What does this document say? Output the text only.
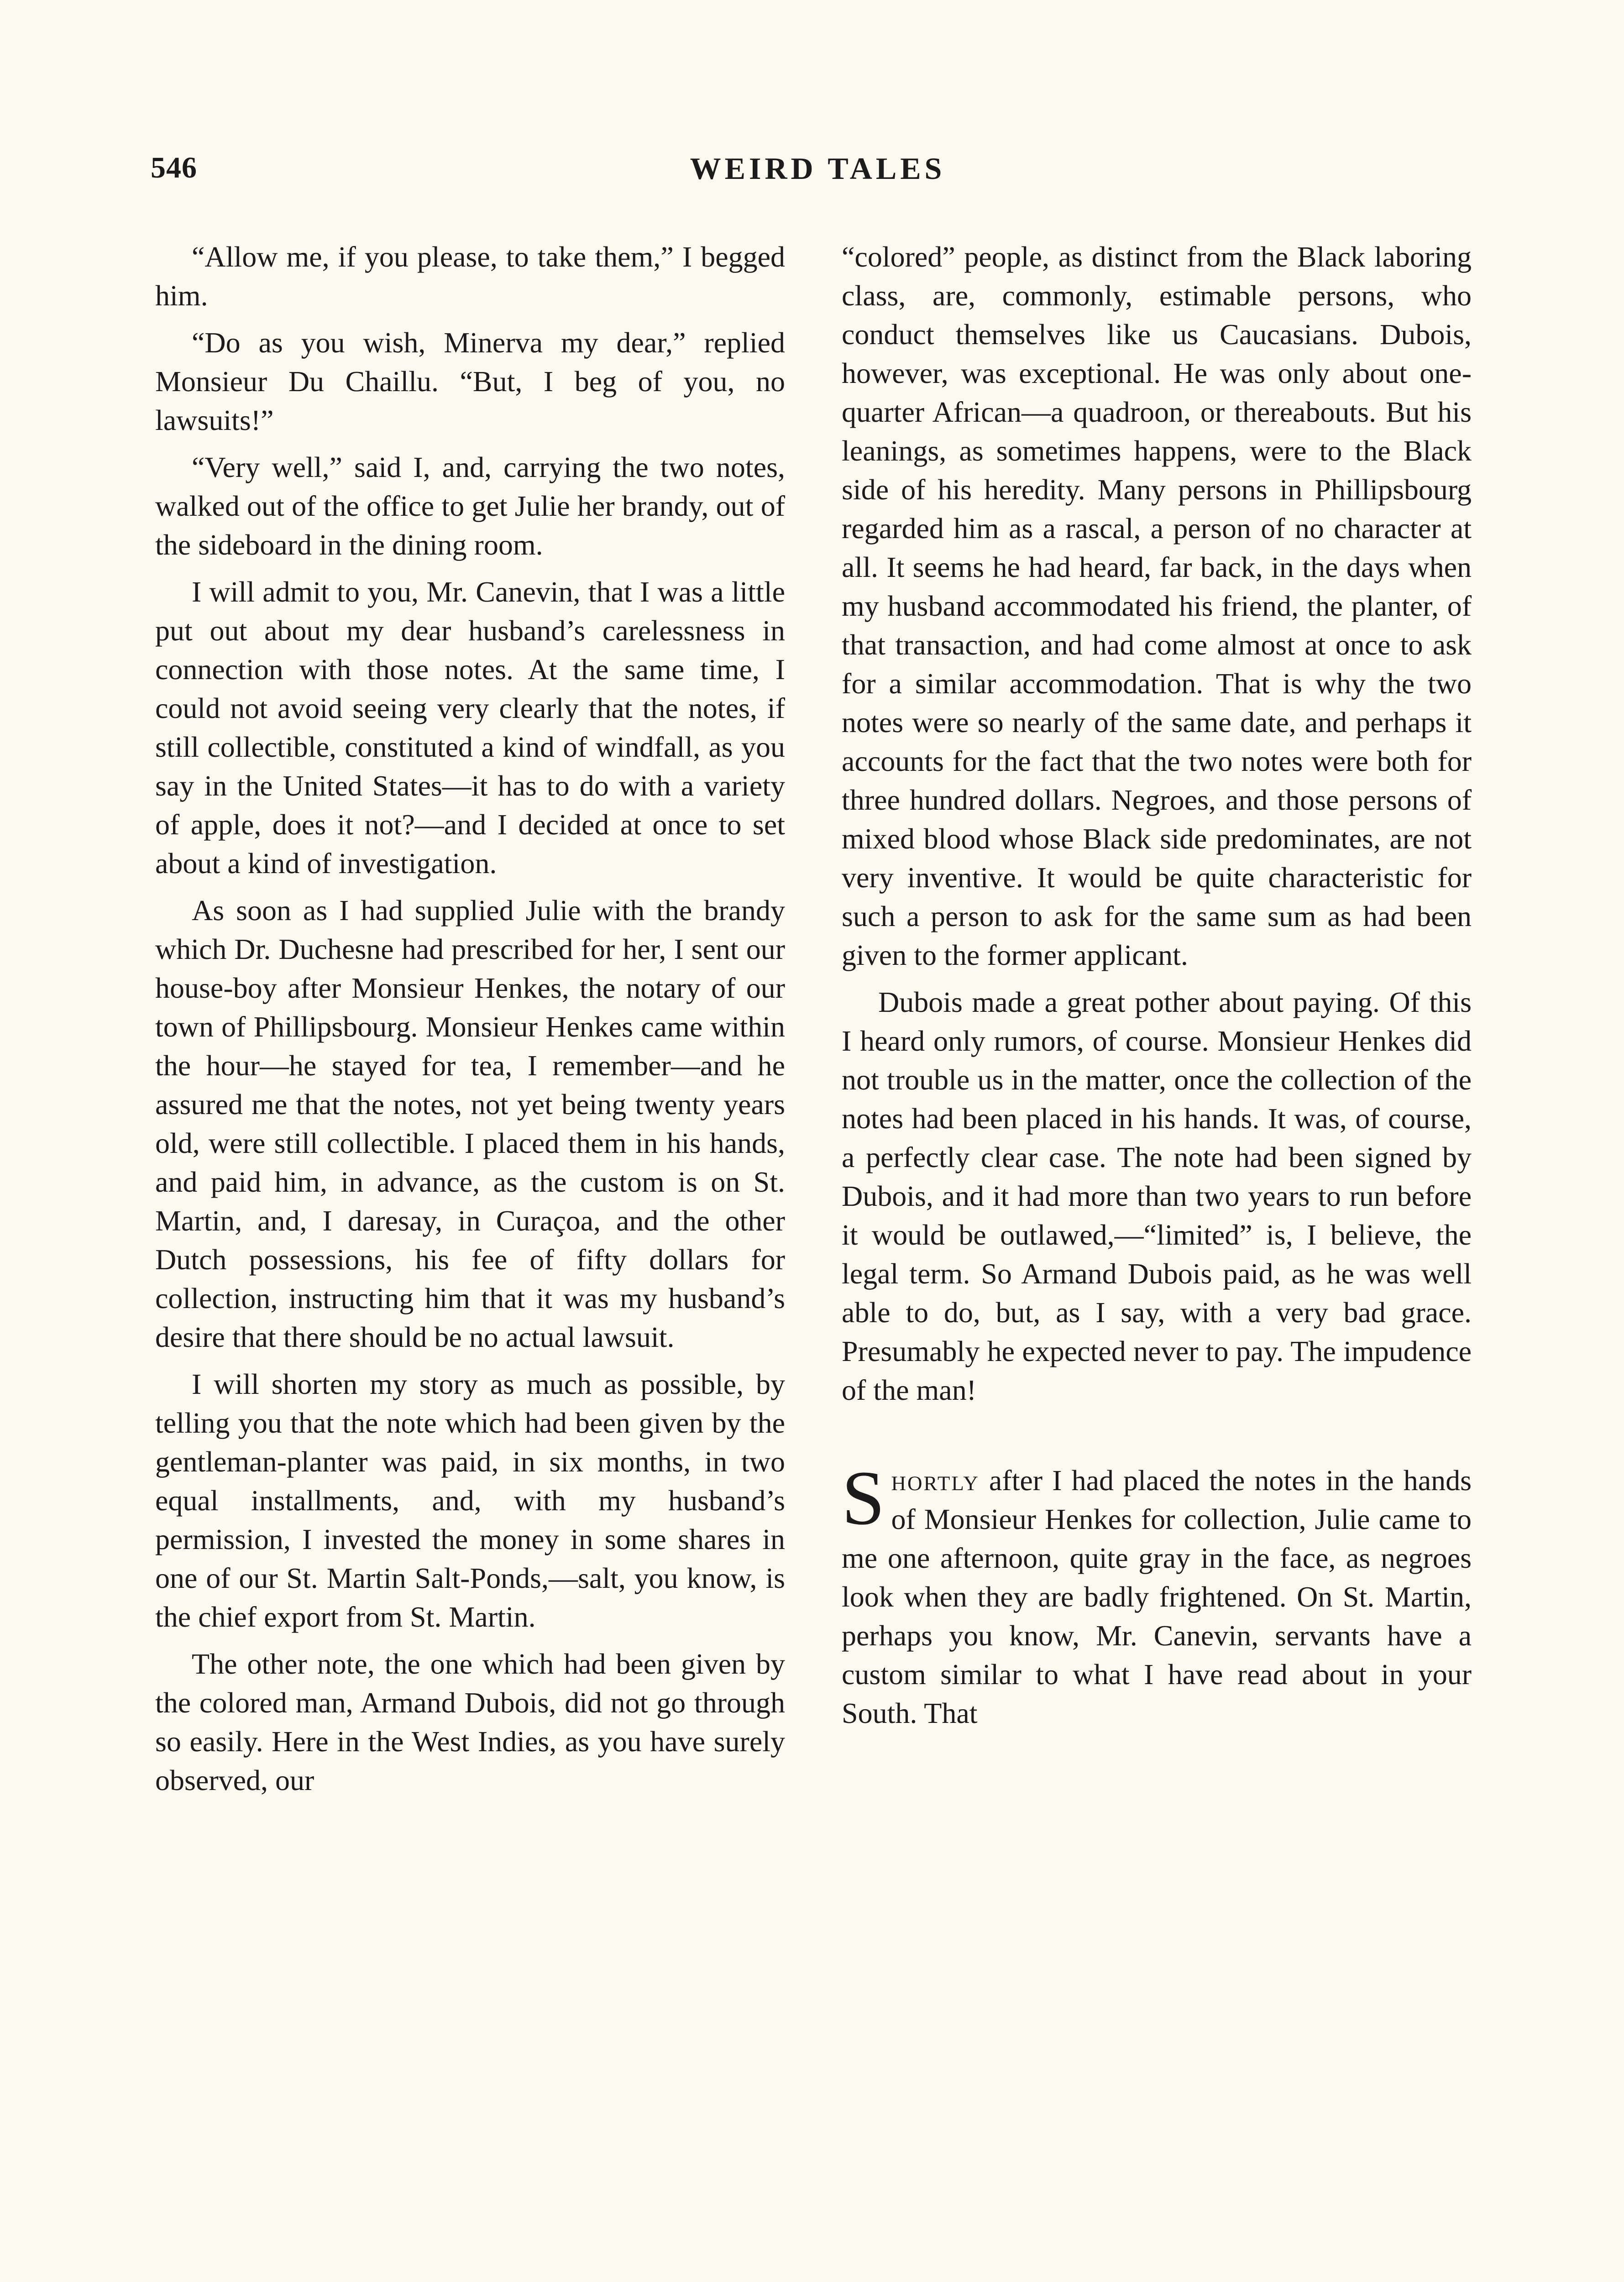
546	WEIRD TALES

“Allow me, if you please, to take them,” I begged him.

“Do as you wish, Minerva my dear,” replied Monsieur Du Chaillu. “But, I beg of you, no lawsuits!”

“Very well,” said I, and, carrying the two notes, walked out of the office to get Julie her brandy, out of the sideboard in the dining room.

I will admit to you, Mr. Canevin, that I was a little put out about my dear husband’s carelessness in connection with those notes. At the same time, I could not avoid seeing very clearly that the notes, if still collectible, constituted a kind of windfall, as you say in the United States—it has to do with a variety of apple, does it not?—and I decided at once to set about a kind of investigation.

As soon as I had supplied Julie with the brandy which Dr. Duchesne had prescribed for her, I sent our house-boy after Monsieur Henkes, the notary of our town of Phillipsbourg. Monsieur Henkes came within the hour—he stayed for tea, I remember—and he assured me that the notes, not yet being twenty years old, were still collectible. I placed them in his hands, and paid him, in advance, as the custom is on St. Martin, and, I daresay, in Curaçoa, and the other Dutch possessions, his fee of fifty dollars for collection, instructing him that it was my husband’s desire that there should be no actual lawsuit.

I will shorten my story as much as possible, by telling you that the note which had been given by the gentleman-planter was paid, in six months, in two equal installments, and, with my husband’s permission, I invested the money in some shares in one of our St. Martin Salt-Ponds,—salt, you know, is the chief export from St. Martin.

The other note, the one which had been given by the colored man, Armand Dubois, did not go through so easily. Here in the West Indies, as you have surely observed, our

“colored” people, as distinct from the Black laboring class, are, commonly, estimable persons, who conduct themselves like us Caucasians. Dubois, however, was exceptional. He was only about one-quarter African—a quadroon, or thereabouts. But his leanings, as sometimes happens, were to the Black side of his heredity. Many persons in Phillipsbourg regarded him as a rascal, a person of no character at all. It seems he had heard, far back, in the days when my husband accommodated his friend, the planter, of that transaction, and had come almost at once to ask for a similar accommodation. That is why the two notes were so nearly of the same date, and perhaps it accounts for the fact that the two notes were both for three hundred dollars. Negroes, and those persons of mixed blood whose Black side predominates, are not very inventive. It would be quite characteristic for such a person to ask for the same sum as had been given to the former applicant.

Dubois made a great pother about paying. Of this I heard only rumors, of course. Monsieur Henkes did not trouble us in the matter, once the collection of the notes had been placed in his hands. It was, of course, a perfectly clear case. The note had been signed by Dubois, and it had more than two years to run before it would be outlawed,—“limited” is, I believe, the legal term. So Armand Dubois paid, as he was well able to do, but, as I say, with a very bad grace. Presumably he expected never to pay. The impudence of the man!

Shortly after I had placed the notes in the hands of Monsieur Henkes for collection, Julie came to me one afternoon, quite gray in the face, as negroes look when they are badly frightened. On St. Martin, perhaps you know, Mr. Canevin, servants have a custom similar to what I have read about in your South. That
